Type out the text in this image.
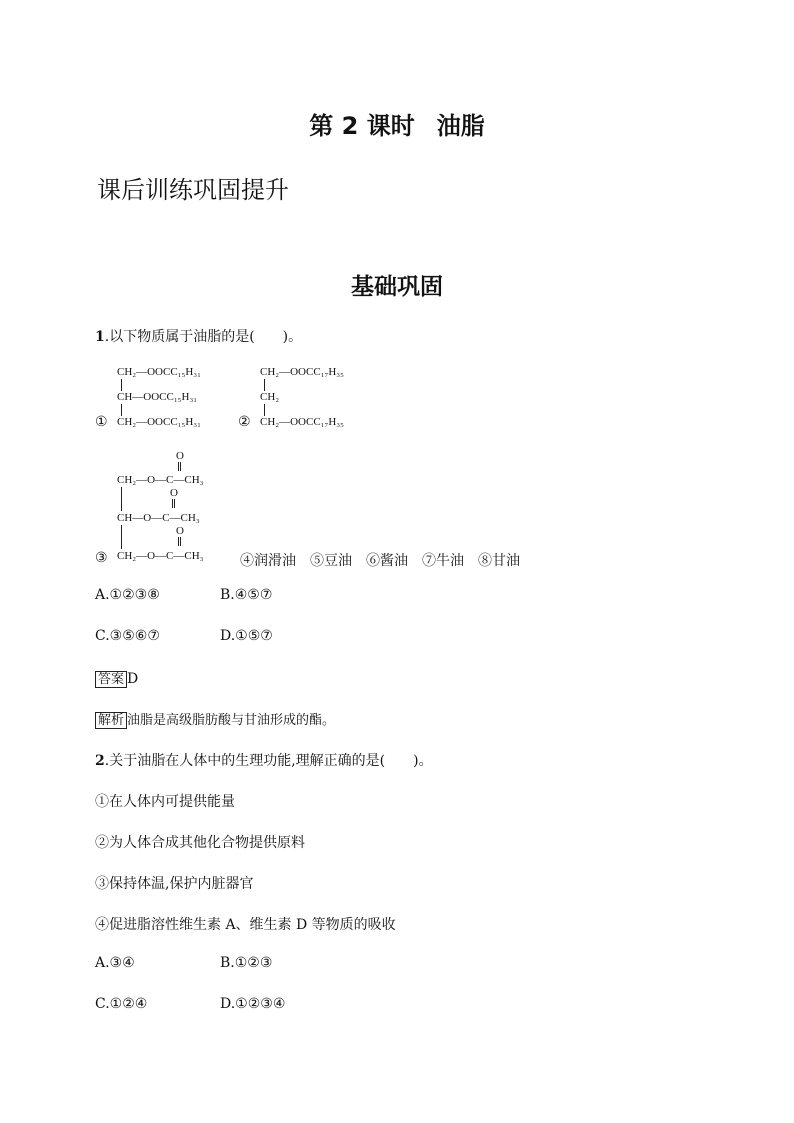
第 2 课时 油脂
课后训练巩固提升
基础巩固
1.以下物质属于油脂的是(　　)。
CH₂—OOCC₁₅H₃₁
CH—OOCC₁₅H₃₁
① CH₂—OOCC₁₅H₃₁
CH₂—OOCC₁₇H₃₅
CH₂
② CH₂—OOCC₁₇H₃₅
O
CH₂—O—C—CH₃
O
CH—O—C—CH₃
O
③ CH₂—O—C—CH₃	④润滑油　⑤豆油　⑥酱油　⑦牛油　⑧甘油
A.①②③⑧	B.④⑤⑦
C.③⑤⑥⑦	D.①⑤⑦
答案 D
解析 油脂是高级脂肪酸与甘油形成的酯。
2.关于油脂在人体中的生理功能,理解正确的是(　　)。
①在人体内可提供能量
②为人体合成其他化合物提供原料
③保持体温,保护内脏器官
④促进脂溶性维生素 A、维生素 D 等物质的吸收
A.③④	B.①②③
C.①②④	D.①②③④
